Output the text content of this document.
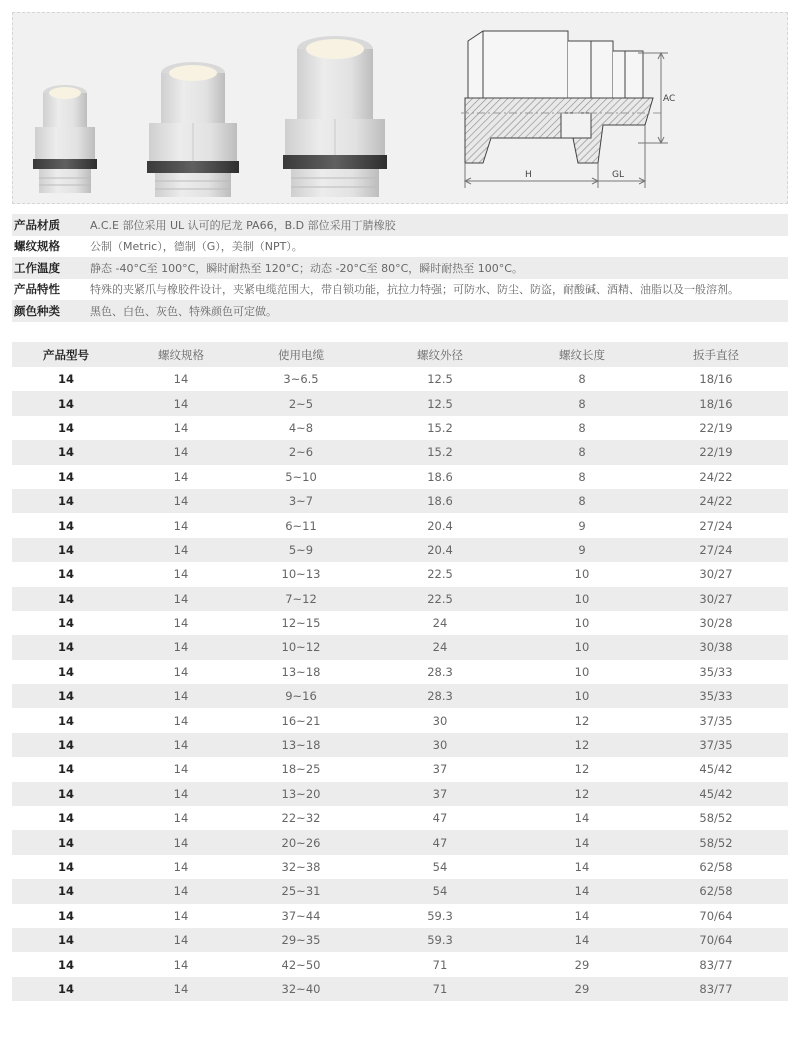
AC
H	GL
产品材质	A.C.E 部位采用 UL 认可的尼龙 PA66，B.D 部位采用丁腈橡胶
螺纹规格	公制（Metric），德制（G），美制（NPT）。
工作温度	静态 -40°C至 100°C，瞬时耐热至 120°C；动态 -20°C至 80°C，瞬时耐热至 100°C。
产品特性	特殊的夹紧爪与橡胶件设计，夹紧电缆范围大，带自锁功能，抗拉力特强；可防水、防尘、防盗，耐酸碱、酒精、油脂以及一般溶剂。
颜色种类	黑色、白色、灰色、特殊颜色可定做。
产品型号	螺纹规格	使用电缆	螺纹外径	螺纹长度	扳手直径
14	14	3~6.5	12.5	8	18/16
14	14	2~5	12.5	8	18/16
14	14	4~8	15.2	8	22/19
14	14	2~6	15.2	8	22/19
14	14	5~10	18.6	8	24/22
14	14	3~7	18.6	8	24/22
14	14	6~11	20.4	9	27/24
14	14	5~9	20.4	9	27/24
14	14	10~13	22.5	10	30/27
14	14	7~12	22.5	10	30/27
14	14	12~15	24	10	30/28
14	14	10~12	24	10	30/38
14	14	13~18	28.3	10	35/33
14	14	9~16	28.3	10	35/33
14	14	16~21	30	12	37/35
14	14	13~18	30	12	37/35
14	14	18~25	37	12	45/42
14	14	13~20	37	12	45/42
14	14	22~32	47	14	58/52
14	14	20~26	47	14	58/52
14	14	32~38	54	14	62/58
14	14	25~31	54	14	62/58
14	14	37~44	59.3	14	70/64
14	14	29~35	59.3	14	70/64
14	14	42~50	71	29	83/77
14	14	32~40	71	29	83/77
